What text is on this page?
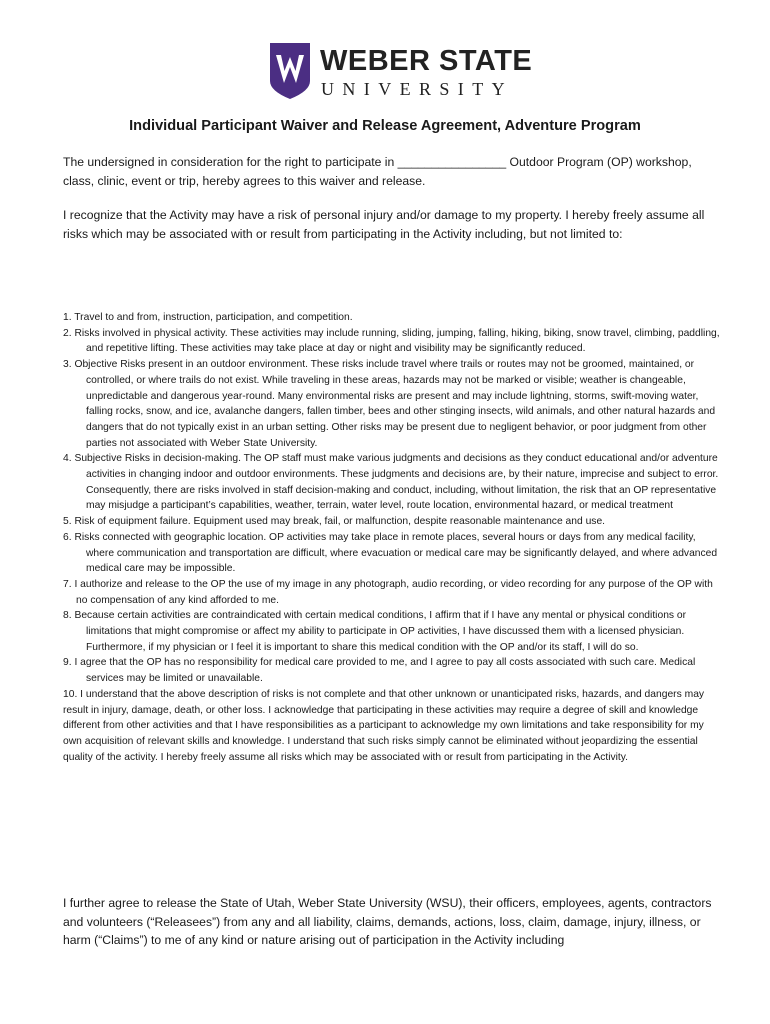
WEBER STATE
UNIVERSITY
Individual Participant Waiver and Release Agreement, Adventure Program
The undersigned in consideration for the right to participate in ________________ Outdoor Program (OP) workshop, class, clinic, event or trip, hereby agrees to this waiver and release.
I recognize that the Activity may have a risk of personal injury and/or damage to my property. I hereby freely assume all risks which may be associated with or result from participating in the Activity including, but not limited to:
1. Travel to and from, instruction, participation, and competition.
2. Risks involved in physical activity. These activities may include running, sliding, jumping, falling, hiking, biking, snow travel, climbing, paddling, and repetitive lifting. These activities may take place at day or night and visibility may be significantly reduced.
3. Objective Risks present in an outdoor environment. These risks include travel where trails or routes may not be groomed, maintained, or controlled, or where trails do not exist. While traveling in these areas, hazards may not be marked or visible; weather is changeable, unpredictable and dangerous year-round. Many environmental risks are present and may include lightning, storms, swift-moving water, falling rocks, snow, and ice, avalanche dangers, fallen timber, bees and other stinging insects, wild animals, and other natural hazards and dangers that do not typically exist in an urban setting. Other risks may be present due to negligent behavior, or poor judgment from other parties not associated with Weber State University.
4. Subjective Risks in decision-making. The OP staff must make various judgments and decisions as they conduct educational and/or adventure activities in changing indoor and outdoor environments. These judgments and decisions are, by their nature, imprecise and subject to error. Consequently, there are risks involved in staff decision-making and conduct, including, without limitation, the risk that an OP representative may misjudge a participant’s capabilities, weather, terrain, water level, route location, environmental hazard, or medical treatment
5. Risk of equipment failure. Equipment used may break, fail, or malfunction, despite reasonable maintenance and use.
6. Risks connected with geographic location. OP activities may take place in remote places, several hours or days from any medical facility, where communication and transportation are difficult, where evacuation or medical care may be significantly delayed, and where advanced medical care may be impossible.
7. I authorize and release to the OP the use of my image in any photograph, audio recording, or video recording for any purpose of the OP with no compensation of any kind afforded to me.
8. Because certain activities are contraindicated with certain medical conditions, I affirm that if I have any mental or physical conditions or limitations that might compromise or affect my ability to participate in OP activities, I have discussed them with a licensed physician. Furthermore, if my physician or I feel it is important to share this medical condition with the OP and/or its staff, I will do so.
9. I agree that the OP has no responsibility for medical care provided to me, and I agree to pay all costs associated with such care. Medical services may be limited or unavailable.
10. I understand that the above description of risks is not complete and that other unknown or unanticipated risks, hazards, and dangers may result in injury, damage, death, or other loss. I acknowledge that participating in these activities may require a degree of skill and knowledge different from other activities and that I have responsibilities as a participant to acknowledge my own limitations and take responsibility for my own acquisition of relevant skills and knowledge. I understand that such risks simply cannot be eliminated without jeopardizing the essential quality of the activity. I hereby freely assume all risks which may be associated with or result from participating in the Activity.
I further agree to release the State of Utah, Weber State University (WSU), their officers, employees, agents, contractors and volunteers (“Releasees”) from any and all liability, claims, demands, actions, loss, claim, damage, injury, illness, or harm (“Claims”) to me of any kind or nature arising out of participation in the Activity including
